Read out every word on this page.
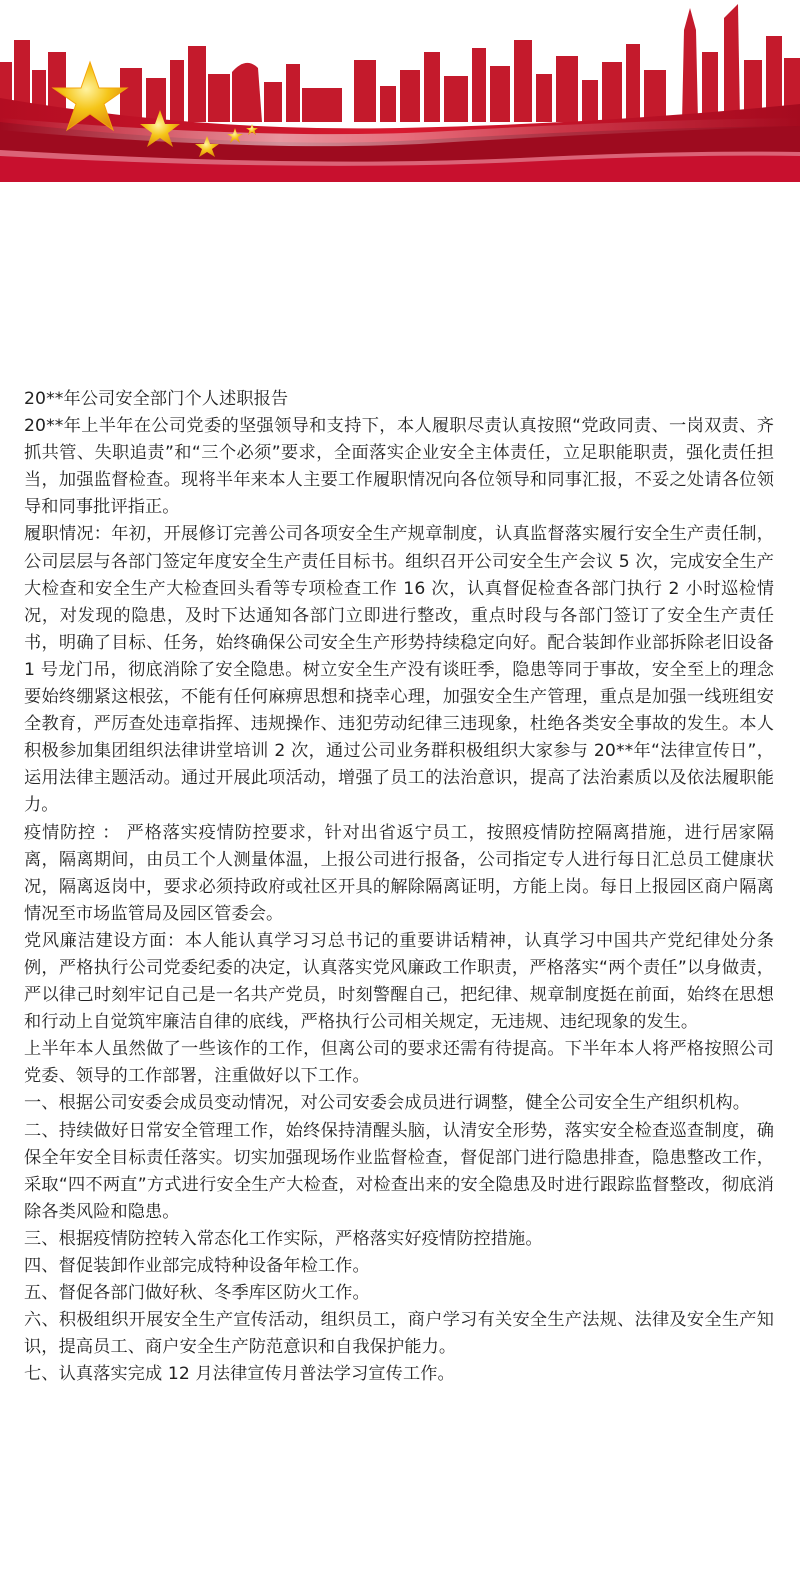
20**年公司安全部门个人述职报告

20**年上半年在公司党委的坚强领导和支持下，本人履职尽责认真按照“党政同责、一岗双责、齐抓共管、失职追责”和“三个必须”要求，全面落实企业安全主体责任，立足职能职责，强化责任担当，加强监督检查。现将半年来本人主要工作履职情况向各位领导和同事汇报，不妥之处请各位领导和同事批评指正。

履职情况：年初，开展修订完善公司各项安全生产规章制度，认真监督落实履行安全生产责任制，公司层层与各部门签定年度安全生产责任目标书。组织召开公司安全生产会议 5 次，完成安全生产大检查和安全生产大检查回头看等专项检查工作 16 次，认真督促检查各部门执行 2 小时巡检情况，对发现的隐患，及时下达通知各部门立即进行整改，重点时段与各部门签订了安全生产责任书，明确了目标、任务，始终确保公司安全生产形势持续稳定向好。配合装卸作业部拆除老旧设备 1 号龙门吊，彻底消除了安全隐患。树立安全生产没有谈旺季，隐患等同于事故，安全至上的理念要始终绷紧这根弦，不能有任何麻痹思想和挠幸心理，加强安全生产管理，重点是加强一线班组安全教育，严厉查处违章指挥、违规操作、违犯劳动纪律三违现象，杜绝各类安全事故的发生。本人积极参加集团组织法律讲堂培训 2 次，通过公司业务群积极组织大家参与 20**年“法律宣传日”，运用法律主题活动。通过开展此项活动，增强了员工的法治意识，提高了法治素质以及依法履职能力。

疫情防控 ： 严格落实疫情防控要求，针对出省返宁员工，按照疫情防控隔离措施，进行居家隔离，隔离期间，由员工个人测量体温，上报公司进行报备，公司指定专人进行每日汇总员工健康状况，隔离返岗中，要求必须持政府或社区开具的解除隔离证明，方能上岗。每日上报园区商户隔离情况至市场监管局及园区管委会。

党风廉洁建设方面：本人能认真学习习总书记的重要讲话精神，认真学习中国共产党纪律处分条例，严格执行公司党委纪委的决定，认真落实党风廉政工作职责，严格落实“两个责任”以身做责，严以律己时刻牢记自己是一名共产党员，时刻警醒自己，把纪律、规章制度挺在前面，始终在思想和行动上自觉筑牢廉洁自律的底线，严格执行公司相关规定，无违规、违纪现象的发生。

上半年本人虽然做了一些该作的工作，但离公司的要求还需有待提高。下半年本人将严格按照公司党委、领导的工作部署，注重做好以下工作。

一、根据公司安委会成员变动情况，对公司安委会成员进行调整，健全公司安全生产组织机构。

二、持续做好日常安全管理工作，始终保持清醒头脑，认清安全形势，落实安全检查巡查制度，确保全年安全目标责任落实。切实加强现场作业监督检查，督促部门进行隐患排查，隐患整改工作，采取“四不两直”方式进行安全生产大检查，对检查出来的安全隐患及时进行跟踪监督整改，彻底消除各类风险和隐患。

三、根据疫情防控转入常态化工作实际，严格落实好疫情防控措施。

四、督促装卸作业部完成特种设备年检工作。

五、督促各部门做好秋、冬季库区防火工作。

六、积极组织开展安全生产宣传活动，组织员工，商户学习有关安全生产法规、法律及安全生产知识，提高员工、商户安全生产防范意识和自我保护能力。

七、认真落实完成 12 月法律宣传月普法学习宣传工作。
